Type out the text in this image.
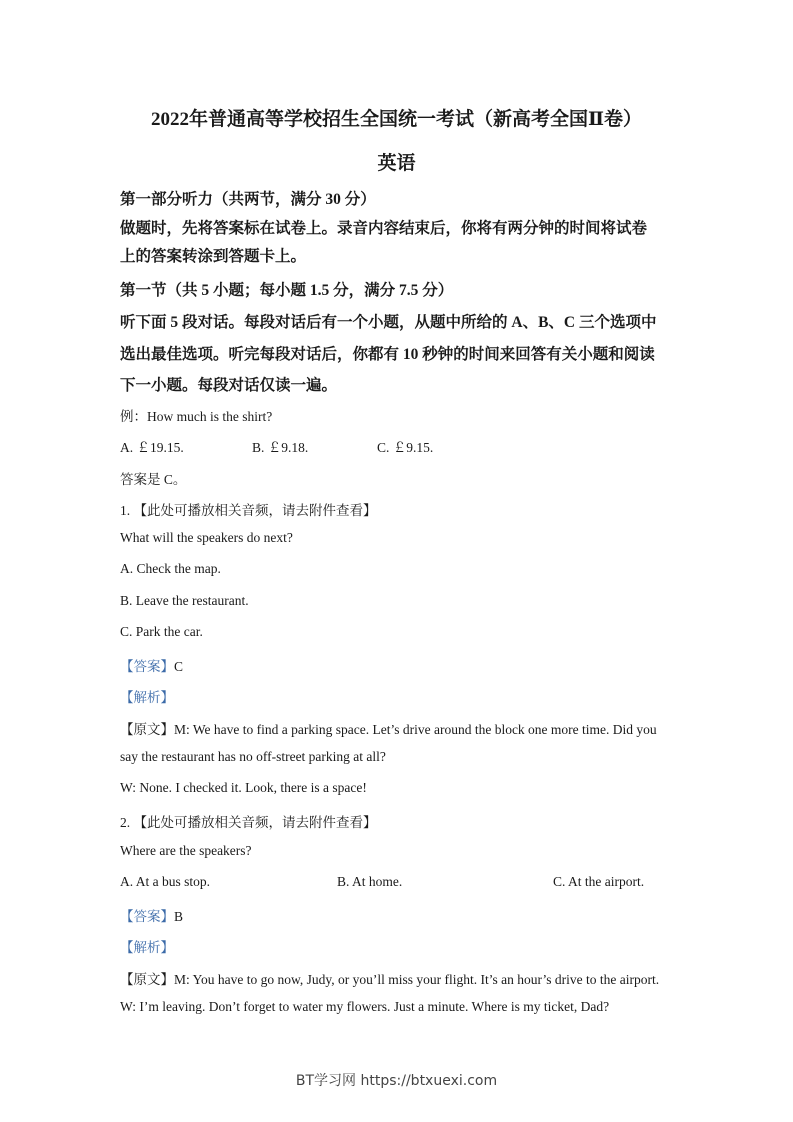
2022年普通高等学校招生全国统一考试（新高考全国Ⅱ卷）
英语
第一部分听力（共两节，满分 30 分）
做题时，先将答案标在试卷上。录音内容结束后，你将有两分钟的时间将试卷
上的答案转涂到答题卡上。
第一节（共 5 小题；每小题 1.5 分，满分 7.5 分）
听下面 5 段对话。每段对话后有一个小题，从题中所给的 A、B、C 三个选项中
选出最佳选项。听完每段对话后，你都有 10 秒钟的时间来回答有关小题和阅读
下一小题。每段对话仅读一遍。
例：How much is the shirt?
A. ￡19.15.	B. ￡9.18.	C. ￡9.15.
答案是 C。
1. 【此处可播放相关音频，请去附件查看】
What will the speakers do next?
A. Check the map.
B. Leave the restaurant.
C. Park the car.
【答案】C
【解析】
【原文】M: We have to find a parking space. Let’s drive around the block one more time. Did you
say the restaurant has no off-street parking at all?
W: None. I checked it. Look, there is a space!
2. 【此处可播放相关音频，请去附件查看】
Where are the speakers?
A. At a bus stop.	B. At home.	C. At the airport.
【答案】B
【解析】
【原文】M: You have to go now, Judy, or you’ll miss your flight. It’s an hour’s drive to the airport.
W: I’m leaving. Don’t forget to water my flowers. Just a minute. Where is my ticket, Dad?
BT学习网 https://btxuexi.com
